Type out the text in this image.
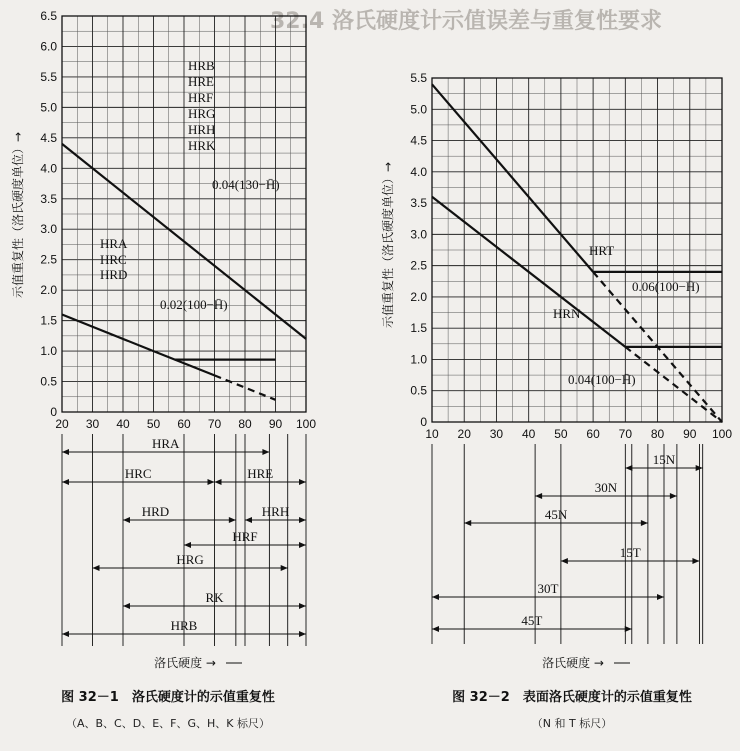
32.4 洛氏硬度计示值误差与重复性要求
20 30 40 50 60 70 80 90 100
0
0.5
1.0
1.5
2.0
2.5
3.0
3.5
4.0
4.5
5.0
5.5
6.0
6.5
HRA
HRC	HRE
HRD	HRH
HRF
HRG
RK
HRB
HRB
HRE
HRF
HRG
HRH
HRK
0.04(130−H̄)
HRA
HRC
HRD
0.02(100−H̄)
示值重复性（洛氏硬度单位）→
洛氏硬度 →
图 32－1　洛氏硬度计的示值重复性
（A、B、C、D、E、F、G、H、K 标尺）
10 20 30 40 50 60 70 80 90 100
0
0.5
1.0
1.5
2.0
2.5
3.0
3.5
4.0
4.5
5.0
5.5
15N
30N
45N
15T
30T
45T
HRT
HRN
0.06(100−H̄)
0.04(100−H̄)
示值重复性（洛氏硬度单位）→
洛氏硬度 →
图 32－2　表面洛氏硬度计的示值重复性
（N 和 T 标尺）
